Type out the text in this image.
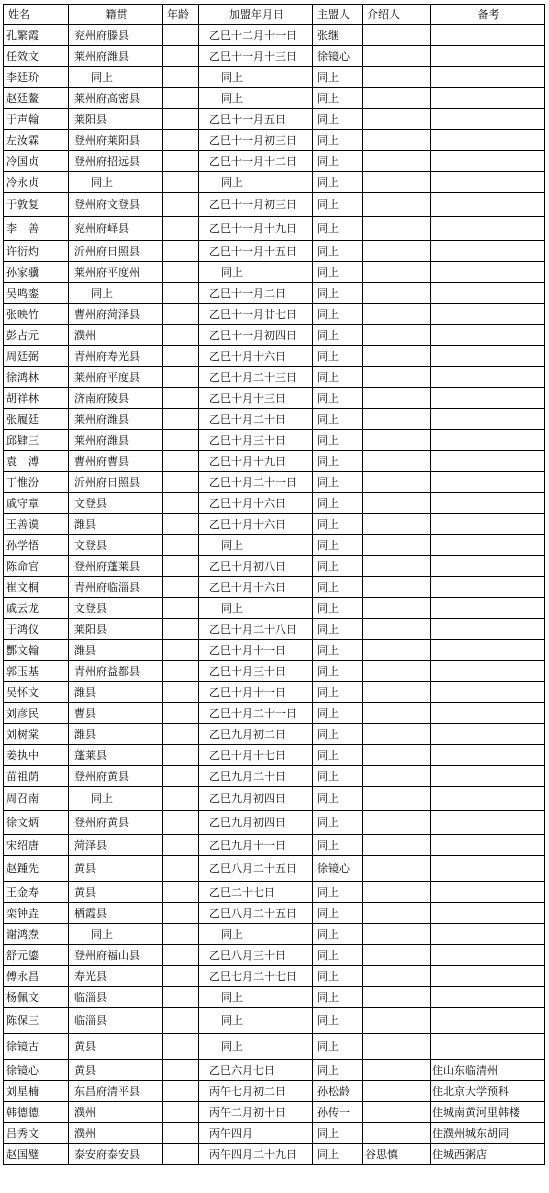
姓名	籍贯	年龄	加盟年月日	主盟人	介绍人	备考
孔繁霞	兖州府滕县		乙巳十二月十一日	张继		
任效文	莱州府潍县		乙巳十一月十三日	徐镜心		
李廷玠	同上		同上	同上		
赵廷鳌	莱州府高密县		同上	同上		
于声翰	莱阳县		乙巳十一月五日	同上		
左汝霖	登州府莱阳县		乙巳十一月初三日	同上		
冷国贞	登州府招远县		乙巳十一月十二日	同上		
冷永贞	同上		同上	同上		
于敦复	登州府文登县		乙巳十一月初三日	同上		
李　善	兖州府峄县		乙巳十一月十九日	同上		
许衍灼	沂州府日照县		乙巳十一月十五日	同上		
孙家骥	莱州府平度州		同上	同上		
吴鸣銮	同上		乙巳十一月二日	同上		
张映竹	曹州府菏泽县		乙巳十一月廿七日	同上		
彭占元	濮州		乙巳十一月初四日	同上		
周廷弼	青州府寿光县		乙巳十月十六日	同上		
徐鸿林	莱州府平度县		乙巳十月二十三日	同上		
胡祥林	济南府陵县		乙巳十月十三日	同上		
张履廷	莱州府潍县		乙巳十月二十日	同上		
邱肄三	莱州府潍县		乙巳十月三十日	同上		
袁　溥	曹州府曹县		乙巳十月十九日	同上		
丁惟汾	沂州府日照县		乙巳十月二十一日	同上		
戚守章	文登县		乙巳十月十六日	同上		
王善谟	潍县		乙巳十月十六日	同上		
孙学悟	文登县		同上	同上		
陈命官	登州府蓬莱县		乙巳十月初八日	同上		
崔文桐	青州府临淄县		乙巳十月十六日	同上		
戚云龙	文登县		同上	同上		
于鸿仪	莱阳县		乙巳十月二十八日	同上		
酆文翰	潍县		乙巳十月十一日	同上		
郭玉基	青州府益都县		乙巳十月三十日	同上		
吴怀文	潍县		乙巳十月十一日	同上		
刘彦民	曹县		乙巳十月二十一日	同上		
刘树棠	潍县		乙巳九月初二日	同上		
姜执中	蓬莱县		乙巳十月十七日	同上		
苗祖荫	登州府黄县		乙巳九月二十日	同上		
周召南	同上		乙巳九月初四日	同上		
徐文炳	登州府黄县		乙巳九月初四日	同上		
宋绍唐	菏泽县		乙巳九月十一日	同上		
赵踵先	黄县		乙巳八月二十五日	徐镜心		
王金寿	黄县		乙巳二十七日	同上		
栾钟垚	栖霞县		乙巳八月二十五日	同上		
谢鸿焘	同上		同上	同上		
舒元鎏	登州府福山县		乙巳八月三十日	同上		
傅永昌	寿光县		乙巳七月二十七日	同上		
杨佩文	临淄县		同上	同上		
陈保三	临淄县		同上	同上		
徐镜古	黄县		同上	同上		
徐镜心	黄县		乙巳六月七日	同上		住山东临清州
刘星楠	东昌府清平县		丙午七月初二日	孙松龄		住北京大学预科
韩德德	濮州		丙午二月初十日	孙传一		住城南黄河里韩楼
吕秀文	濮州		丙午四月	同上		住濮州城东胡同
赵国璧	泰安府泰安县		丙午四月二十九日	同上	谷思慎	住城西粥店
